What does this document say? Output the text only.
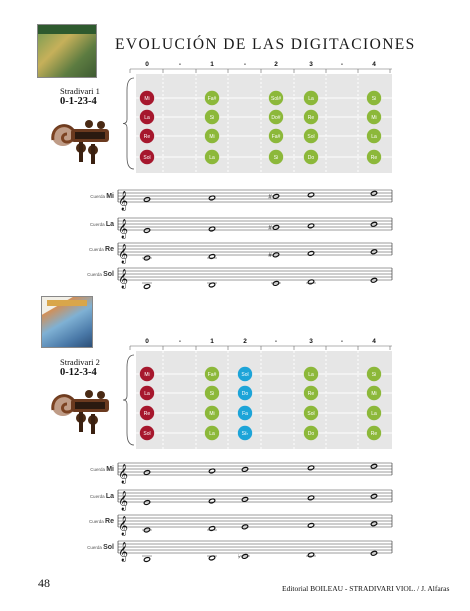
EVOLUCIÓN DE LAS DIGITACIONES
Stradivari 1
0-1-23-4
Stradivari 2
0-12-3-4
0	-	1	-	2	3	-	4
Mi	Fa#	Sol#	La	Si
La	Si	Do#	Re	Mi
Re	Mi	Fa#	Sol	La
Sol	La	Si	Do	Re
𝄞
Cuerda Mi	#
𝄞
Cuerda La
#
𝄞
Cuerda Re
#
𝄞
Cuerda Sol
0	-	1	2	-	3	-	4
Mi	Fa#	Sol	La	Si
La	Si	Do	Re	Mi
Re	Mi	Fa	Sol	La
Sol	La	Si♭	Do	Re
𝄞
Cuerda Mi
𝄞
Cuerda La
𝄞
Cuerda Re
𝄞
Cuerda Sol
♭
48	Editorial BOILEAU - STRADIVARI VIOL. / J. Alfaras
